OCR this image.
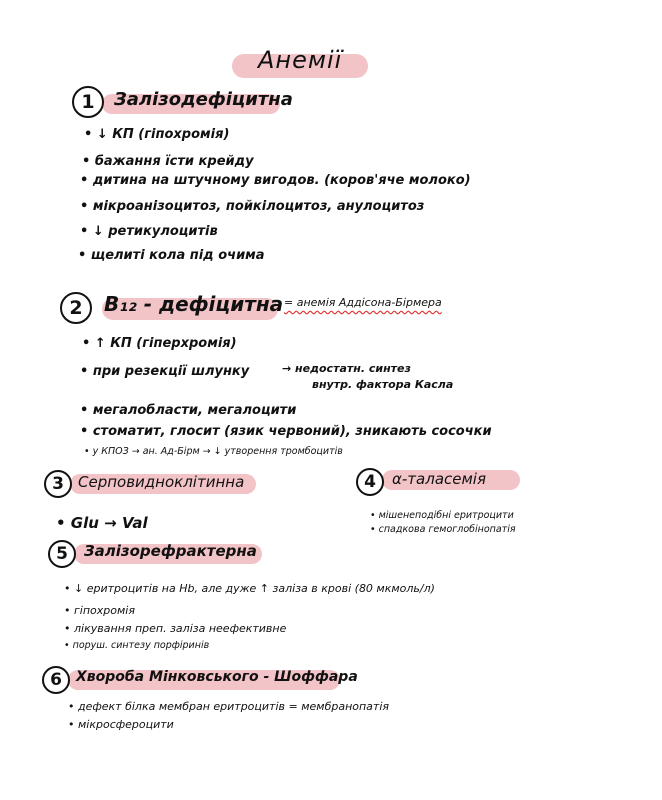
Анемії
1	Залізодефіцитна
• ↓ КП (гіпохромія)
• бажання їсти крейду
• дитина на штучному вигодов. (коров'яче молоко)
• мікроанізоцитоз, пойкілоцитоз, анулоцитоз
• ↓ ретикулоцитів
• щелиті кола під очима
2	В₁₂ - дефіцитна = анемія Аддісона-Бірмера
• ↑ КП (гіперхромія)
• при резекції шлунку	→ недостатн. синтез
внутр. фактора Касла
• мегалобласти, мегалоцити
• стоматит, глосит (язик червоний), зникають сосочки
• у КПОЗ → ан. Ад-Бірм → ↓ утворення тромбоцитів
3 Серповидноклітинна
• Glu → Val
4	α-таласемія
• мішенеподібні еритроцити
• спадкова гемоглобінопатія
5	Залізорефрактерна
• ↓ еритроцитів на Hb, але дуже ↑ заліза в крові (80 мкмоль/л)
• гіпохромія
• лікування преп. заліза неефективне
• поруш. синтезу порфіринів
6	Хвороба Мінковського - Шоффара
• дефект білка мембран еритроцитів = мембранопатія
• мікросфероцити
